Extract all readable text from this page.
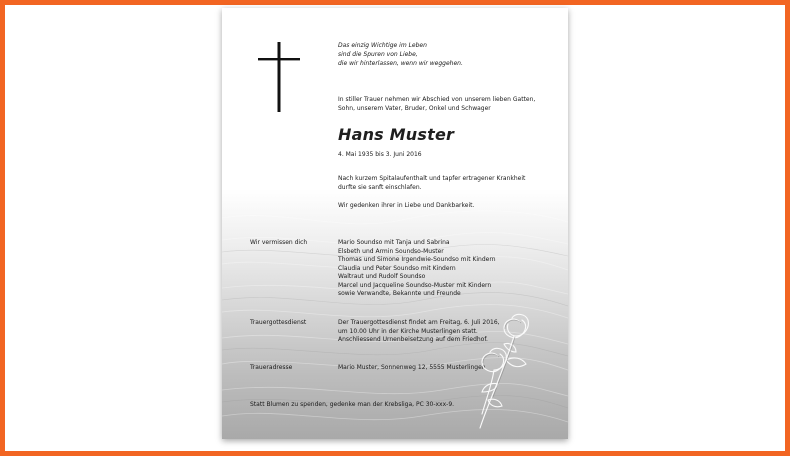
Das einzig Wichtige im Leben

sind die Spuren von Liebe,

die wir hinterlassen, wenn wir weggehen.

In stiller Trauer nehmen wir Abschied von unserem lieben Gatten,

Sohn, unserem Vater, Bruder, Onkel und Schwager

Hans Muster

4. Mai 1935 bis 3. Juni 2016

Nach kurzem Spitalaufenthalt und tapfer ertragener Krankheit

durfte sie sanft einschlafen.

Wir gedenken ihrer in Liebe und Dankbarkeit.

Wir vermissen dich	Mario Soundso mit Tanja und Sabrina

Elsbeth und Armin Soundso-Muster

Thomas und Simone Irgendwie-Soundso mit Kindern

Claudia und Peter Soundso mit Kindern

Waltraut und Rudolf Soundso

Marcel und Jacqueline Soundso-Muster mit Kindern

sowie Verwandte, Bekannte und Freunde

Trauergottesdienst	Der Trauergottesdienst findet am Freitag, 6. Juli 2016,

um 10.00 Uhr in der Kirche Musterlingen statt.

Anschliessend Urnenbeisetzung auf dem Friedhof.

Traueradresse	Mario Muster, Sonnenweg 12, 5555 Musterlingen

Statt Blumen zu spenden, gedenke man der Krebsliga, PC 30-xxx-9.
